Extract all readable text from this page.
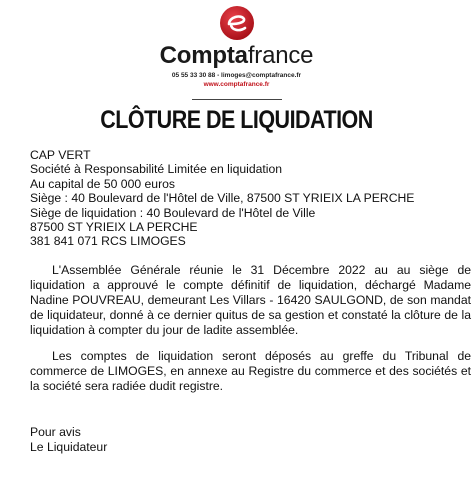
Comptafrance
05 55 33 30 88 - limoges@comptafrance.fr
www.comptafrance.fr
CLÔTURE DE LIQUIDATION
CAP VERT
Société à Responsabilité Limitée en liquidation
Au capital de 50 000 euros
Siège : 40 Boulevard de l'Hôtel de Ville, 87500 ST YRIEIX LA PERCHE
Siège de liquidation : 40 Boulevard de l'Hôtel de Ville
87500 ST YRIEIX LA PERCHE
381 841 071 RCS LIMOGES
L'Assemblée Générale réunie le 31 Décembre 2022 au au siège de liquidation a approuvé le compte définitif de liquidation, déchargé Madame Nadine POUVREAU, demeurant Les Villars - 16420 SAULGOND, de son mandat de liquidateur, donné à ce dernier quitus de sa gestion et constaté la clôture de la liquidation à compter du jour de ladite assemblée.
Les comptes de liquidation seront déposés au greffe du Tribunal de commerce de LIMOGES, en annexe au Registre du commerce et des sociétés et la société sera radiée dudit registre.
Pour avis
Le Liquidateur
